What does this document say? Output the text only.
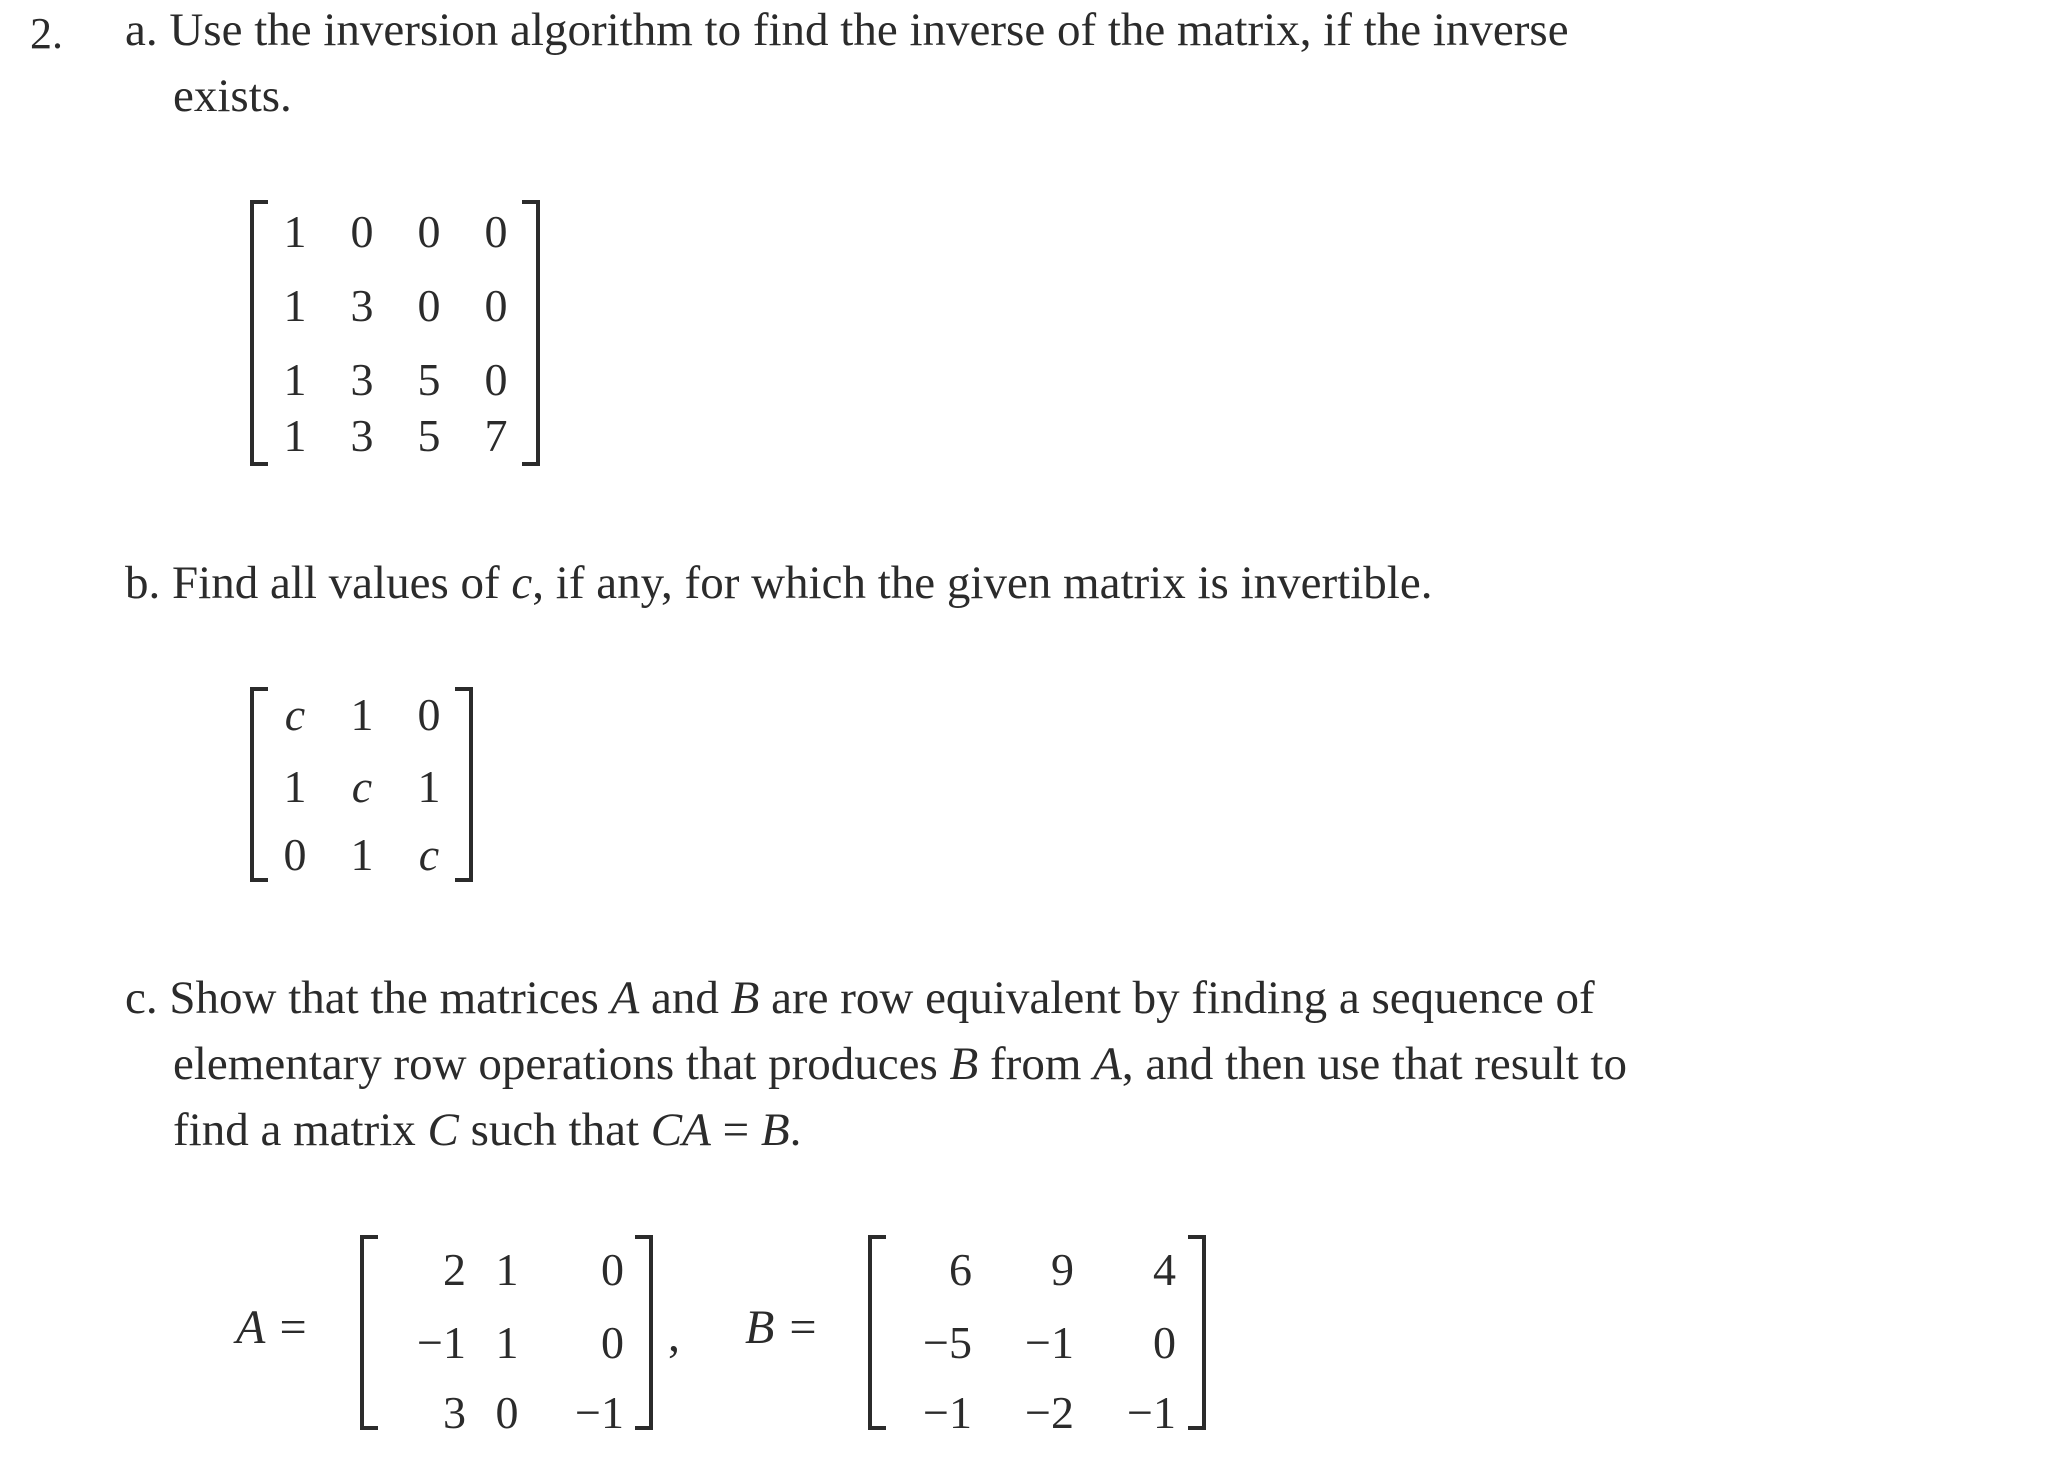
2. a. Use the inversion algorithm to find the inverse of the matrix, if the inverse
exists.
1 0 0 0
1 3 0 0
1 3 5 0
1 3 5 7
b. Find all values of c, if any, for which the given matrix is invertible.
c 1 0
1 c 1
0 1 c
c. Show that the matrices A and B are row equivalent by finding a sequence of
elementary row operations that produces B from A, and then use that result to
find a matrix C such that CA = B.
A =
2 1	0
−1 1	0
3 0	−1
, B =
6	9	4
−5	−1	0
−1	−2	−1
